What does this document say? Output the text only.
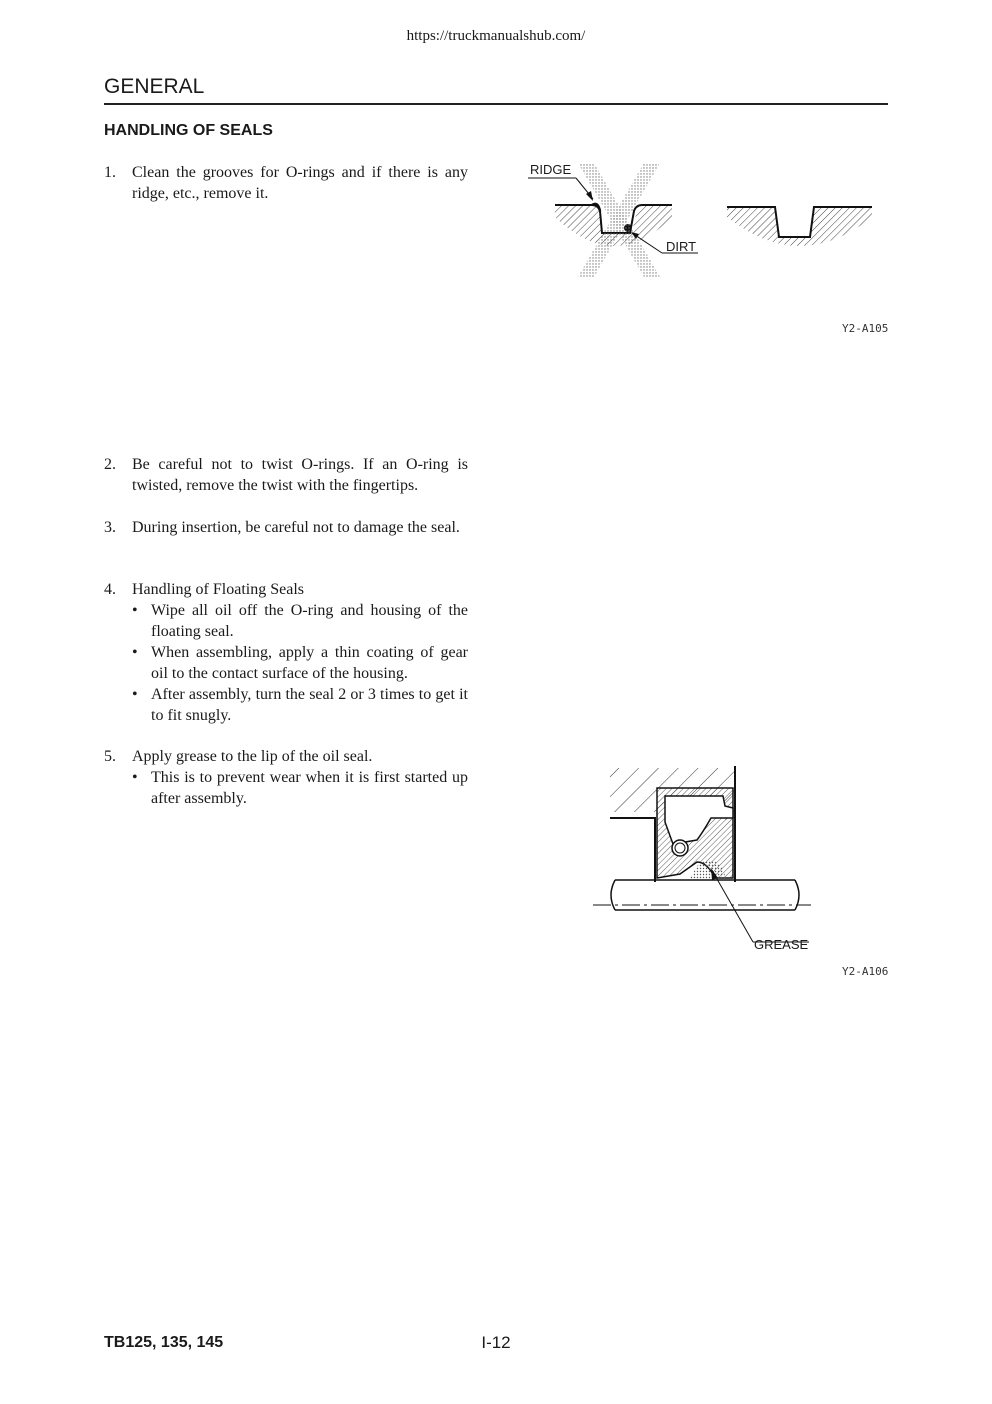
https://truckmanualshub.com/
GENERAL
HANDLING OF SEALS
1. Clean the grooves for O-rings and if there is any ridge, etc., remove it.
2. Be careful not to twist O-rings. If an O-ring is twisted, remove the twist with the fingertips.
3. During insertion, be careful not to damage the seal.
4. Handling of Floating Seals
• Wipe all oil off the O-ring and housing of the floating seal.
• When assembling, apply a thin coating of gear oil to the contact surface of the housing.
• After assembly, turn the seal 2 or 3 times to get it to fit snugly.
5. Apply grease to the lip of the oil seal.
• This is to prevent wear when it is first started up after assembly.
RIDGE
DIRT
Y2-A105
GREASE
Y2-A106
TB125, 135, 145	I-12
